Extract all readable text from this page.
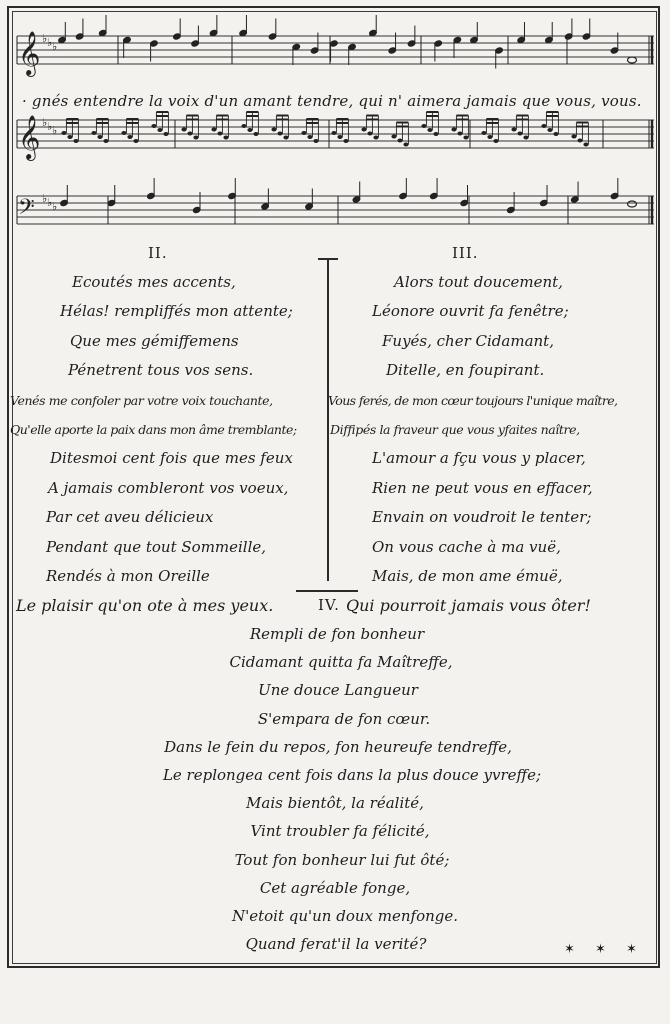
𝄞 ♭ ♭ ♭
𝄞 ♭ ♭ ♭
𝄢 ♭ ♭ ♭
· gnés entendre la voix d'un amant tendre, qui n' aimera jamais que vous, vous.
II.	III.
Ecoutés mes accents,
Hélas! rempliffés mon attente;
Que mes gémiffemens
Pénetrent tous vos sens.
Venés me confoler par votre voix touchante,
Qu'elle aporte la paix dans mon âme tremblante;
Ditesmoi cent fois que mes feux
A jamais combleront vos voeux,
Par cet aveu délicieux
Pendant que tout Sommeille,
Rendés à mon Oreille
Le plaisir qu'on ote à mes yeux.
Alors tout doucement,
Léonore ouvrit fa fenêtre;
Fuyés, cher Cidamant,
Ditelle, en foupirant.
Vous ferés, de mon cœur toujours l'unique maître,
Diffipés la fraveur que vous yfaites naître,
L'amour a fçu vous y placer,
Rien ne peut vous en effacer,
Envain on voudroit le tenter;
On vous cache à ma vuë,
Mais, de mon ame émuë,
Qui pourroit jamais vous ôter!
IV.
Rempli de fon bonheur
Cidamant quitta fa Maîtreffe,
Une douce Langueur
S'empara de fon cœur.
Dans le fein du repos, fon heureufe tendreffe,
Le replongea cent fois dans la plus douce yvreffe;
Mais bientôt, la réalité,
Vint troubler fa félicité,
Tout fon bonheur lui fut ôté;
Cet agréable fonge,
N'etoit qu'un doux menfonge.
Quand ferat'il la verité?	✶ ✶ ✶
